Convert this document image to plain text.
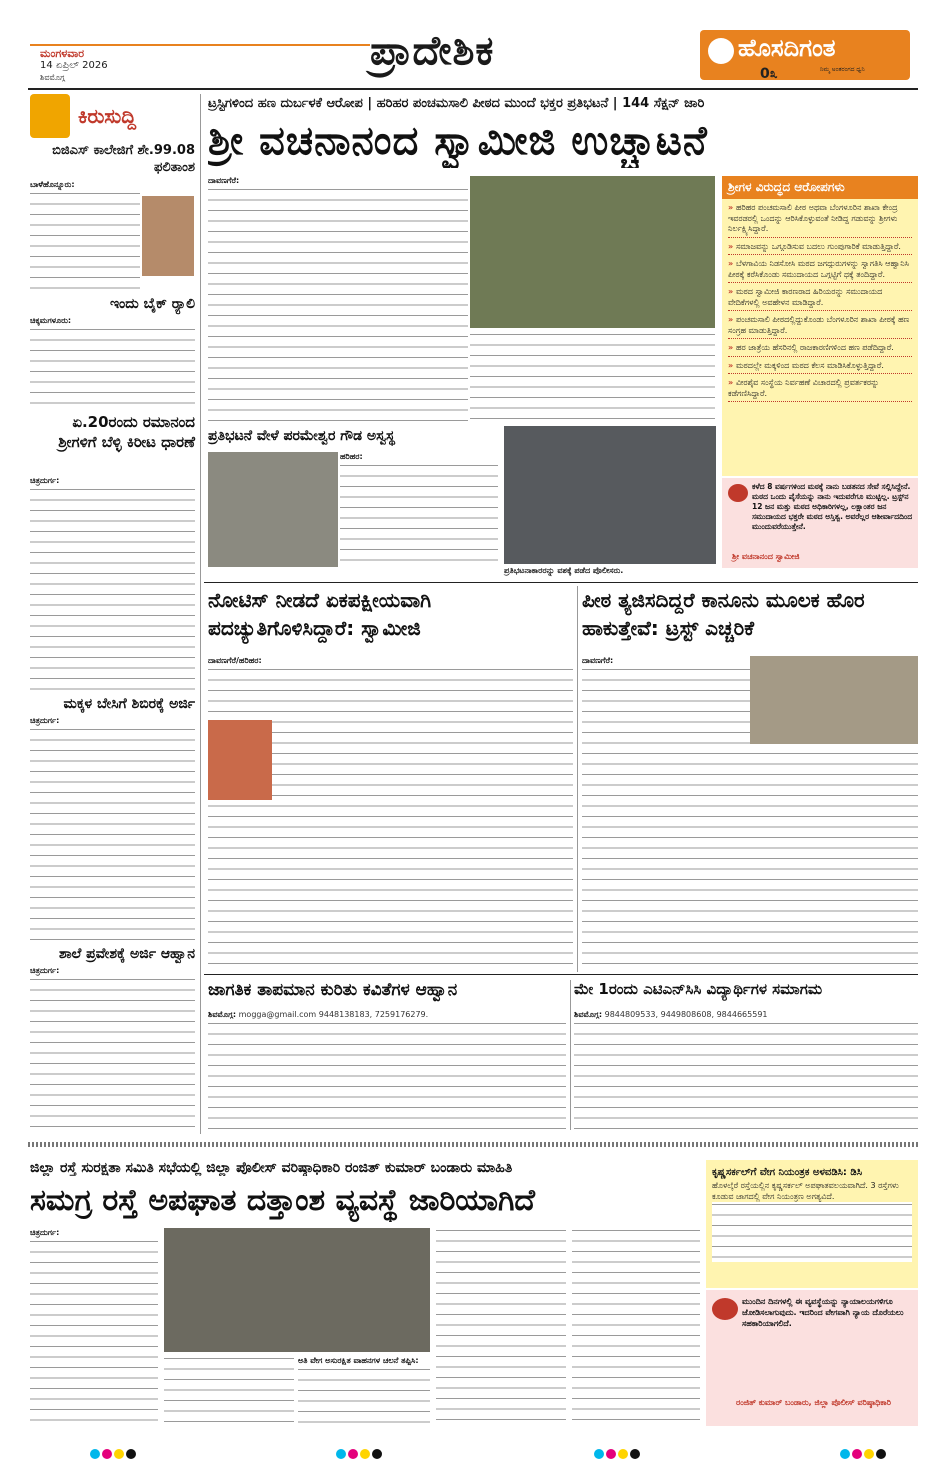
ಮಂಗಳವಾರ
14 ಏಪ್ರಿಲ್ 2026
ಶಿವಮೊಗ್ಗ
ಪ್ರಾದೇಶಿಕ	ಹೊಸದಿಗಂತ
0೩	ನಿಮ್ಮ ಅಂತರಂಗದ ಧ್ವನಿ
ಕಿರುಸುದ್ದಿ
ಬಿಜಿಎಸ್ ಕಾಲೇಜಿಗೆ ಶೇ.99.08 ಫಲಿತಾಂಶ
ಬಾಳೆಹೊನ್ನೂರು:
ಇಂದು ಬೈಕ್ ರ್‍ಯಾಲಿ
ಚಿಕ್ಕಮಗಳೂರು:
ಏ.20ರಂದು ರಮಾನಂದ ಶ್ರೀಗಳಿಗೆ ಬೆಳ್ಳಿ ಕಿರೀಟ ಧಾರಣೆ
ಚಿತ್ರದುರ್ಗ:
ಮಕ್ಕಳ ಬೇಸಿಗೆ ಶಿಬಿರಕ್ಕೆ ಅರ್ಜಿ
ಚಿತ್ರದುರ್ಗ:
ಶಾಲೆ ಪ್ರವೇಶಕ್ಕೆ ಅರ್ಜಿ ಆಹ್ವಾನ
ಚಿತ್ರದುರ್ಗ:
ಟ್ರಸ್ಟಿಗಳಿಂದ ಹಣ ದುರ್ಬಳಕೆ ಆರೋಪ | ಹರಿಹರ ಪಂಚಮಸಾಲಿ ಪೀಠದ ಮುಂದೆ ಭಕ್ತರ ಪ್ರತಿಭಟನೆ | 144 ಸೆಕ್ಷನ್ ಜಾರಿ
ಶ್ರೀ ವಚನಾನಂದ ಸ್ವಾಮೀಜಿ ಉಚ್ಚಾಟನೆ
ದಾವಣಗೆರೆ:	ಶ್ರೀಗಳ ವಿರುದ್ಧದ ಆರೋಪಗಳು
» ಹರಿಹರ ಪಂಚಮಸಾಲಿ ಪೀಠ ಅಥವಾ ಬೆಂಗಳೂರಿನ ಶಾಖಾ ಕೇಂದ್ರ ಇವರಡರಲ್ಲಿ ಒಂದನ್ನು ಆರಿಸಿಕೊಳ್ಳುವಂತೆ ನೀಡಿದ್ದ ಗಡುವನ್ನು ಶ್ರೀಗಳು ನಿರ್ಲಕ್ಷ್ಯಿಸಿದ್ದಾರೆ.
» ಸಮಾಜವನ್ನು ಒಗ್ಗೂಡಿಸುವ ಬದಲು ಗುಂಪುಗಾರಿಕೆ ಮಾಡುತ್ತಿದ್ದಾರೆ.
» ಬೆಳಗಾವಿಯ ನಿಡಸೋಸಿ ಮಠದ ಜಗದ್ಗುರುಗಳನ್ನು ಸ್ವಾಗತಿಸಿ ಆಹ್ವಾನಿಸಿ ಪೀಠಕ್ಕೆ ಕರೆಸಿಕೊಂಡು ಸಮುದಾಯದ ಒಗ್ಗಟ್ಟಿಗೆ ಧಕ್ಕೆ ತಂದಿದ್ದಾರೆ.
» ಮಠದ ಸ್ವಾಮೀಜಿ ಕಾರಣರಾದ ಹಿರಿಯರನ್ನು ಸಮುದಾಯದ ವೇದಿಕೆಗಳಲ್ಲಿ ಅವಹೇಳನ ಮಾಡಿದ್ದಾರೆ.
» ಪಂಚಮಸಾಲಿ ಪೀಠದಲ್ಲಿದ್ದುಕೊಂಡು ಬೆಂಗಳೂರಿನ ಶಾಖಾ ಪೀಠಕ್ಕೆ ಹಣ ಸಂಗ್ರಹ ಮಾಡುತ್ತಿದ್ದಾರೆ.
» ಹರ ಜಾತ್ರೆಯ ಹೆಸರಿನಲ್ಲಿ ರಾಜಕಾರಣಿಗಳಿಂದ ಹಣ ಪಡೆದಿದ್ದಾರೆ.
» ಮಠದಲ್ಲೇ ಮಕ್ಕಳಿಂದ ಮಠದ ಕೆಲಸ ಮಾಡಿಸಿಕೊಳ್ಳುತ್ತಿದ್ದಾರೆ.
» ವೀರಶೈವ ಸಂಸ್ಥೆಯ ನಿರ್ವಹಣೆ ವಿಚಾರದಲ್ಲಿ ಪ್ರವರ್ತಕರನ್ನು ಕಡೆಗಣಿಸಿದ್ದಾರೆ.
ಕಳೆದ 8 ವರ್ಷಗಳಿಂದ ಮಠಕ್ಕೆ ನಾನು ಬಡತನದ ಸೇವೆ ಸಲ್ಲಿಸಿದ್ದೇನೆ. ಮಠದ ಒಂದು ಪೈಸೆಯನ್ನು ನಾನು ಇದುವರೆಗೂ ಮುಟ್ಟಿಲ್ಲ. ಟ್ರಸ್ಟ್‌ನ 12 ಜನ ಮತ್ತು ಮಠದ ಅಧಿಕಾರಿಗಳಲ್ಲ, ಲಕ್ಷಾಂತರ ಜನ ಸಮುದಾಯದ ಭಕ್ತರೇ ಮಠದ ಅಸ್ತಿತ್ವ. ಅವರೆಲ್ಲರ ಆಶೀರ್ವಾದದಿಂದ ಮುಂದುವರೆಯುತ್ತೇನೆ.
ಶ್ರೀ ವಚನಾನಂದ ಸ್ವಾಮೀಜಿ
ಪ್ರತಿಭಟನೆ ವೇಳೆ ಪರಮೇಶ್ವರ ಗೌಡ ಅಸ್ವಸ್ಥ
ಹರಿಹರ:
ಪ್ರತಿಭಟನಾಕಾರರನ್ನು ವಶಕ್ಕೆ ಪಡೆದ ಪೊಲೀಸರು.
ನೋಟಿಸ್ ನೀಡದೆ ಏಕಪಕ್ಷೀಯವಾಗಿ ಪದಚ್ಯುತಿಗೊಳಿಸಿದ್ದಾರೆ: ಸ್ವಾಮೀಜಿ
ದಾವಣಗೆರೆ/ಹರಿಹರ:
ಪೀಠ ತ್ಯಜಿಸದಿದ್ದರೆ ಕಾನೂನು ಮೂಲಕ ಹೊರ ಹಾಕುತ್ತೇವೆ: ಟ್ರಸ್ಟ್ ಎಚ್ಚರಿಕೆ
ದಾವಣಗೆರೆ:
ಜಾಗತಿಕ ತಾಪಮಾನ ಕುರಿತು ಕವಿತೆಗಳ ಆಹ್ವಾನ
ಶಿವಮೊಗ್ಗ: mogga@gmail.com 9448138183, 7259176279.
ಮೇ 1ರಂದು ಎಟಿಎನ್‌ಸಿಸಿ ವಿದ್ಯಾರ್ಥಿಗಳ ಸಮಾಗಮ
ಶಿವಮೊಗ್ಗ: 9844809533, 9449808608, 9844665591
ಜಿಲ್ಲಾ ರಸ್ತೆ ಸುರಕ್ಷತಾ ಸಮಿತಿ ಸಭೆಯಲ್ಲಿ ಜಿಲ್ಲಾ ಪೊಲೀಸ್ ವರಿಷ್ಠಾಧಿಕಾರಿ ರಂಜಿತ್ ಕುಮಾರ್ ಬಂಡಾರು ಮಾಹಿತಿ
ಸಮಗ್ರ ರಸ್ತೆ ಅಪಘಾತ ದತ್ತಾಂಶ ವ್ಯವಸ್ಥೆ ಜಾರಿಯಾಗಿದೆ
ಚಿತ್ರದುರ್ಗ:
ಅತಿ ವೇಗ ಅಸುರಕ್ಷಿತ ವಾಹನಗಳ ಚಲನೆ ತಪ್ಪಿಸಿ:
ಕೃಷ್ಣಸರ್ಕಲ್‌ಗೆ ವೇಗ ನಿಯಂತ್ರಕ ಅಳವಡಿಸಿ: ಡಿಸಿ
ಹೊಳಲ್ಕೆರೆ ರಸ್ತೆಯಲ್ಲಿನ ಕೃಷ್ಣಸರ್ಕಲ್ ಅಪಘಾತವಲಯವಾಗಿದೆ. 3 ರಸ್ತೆಗಳು ಕೂಡುವ ಜಾಗದಲ್ಲಿ ವೇಗ ನಿಯಂತ್ರಣ ಅಗತ್ಯವಿದೆ.
ಮುಂದಿನ ದಿನಗಳಲ್ಲಿ ಈ ವ್ಯವಸ್ಥೆಯನ್ನು ನ್ಯಾಯಾಲಯಗಳಿಗೂ ಜೋಡಿಸಲಾಗುವುದು. ಇದರಿಂದ ವೇಗವಾಗಿ ನ್ಯಾಯ ದೊರೆಯಲು ಸಹಕಾರಿಯಾಗಲಿದೆ.
ರಂಜಿತ್ ಕುಮಾರ್ ಬಂಡಾರು, ಜಿಲ್ಲಾ ಪೊಲೀಸ್ ವರಿಷ್ಠಾಧಿಕಾರಿ
